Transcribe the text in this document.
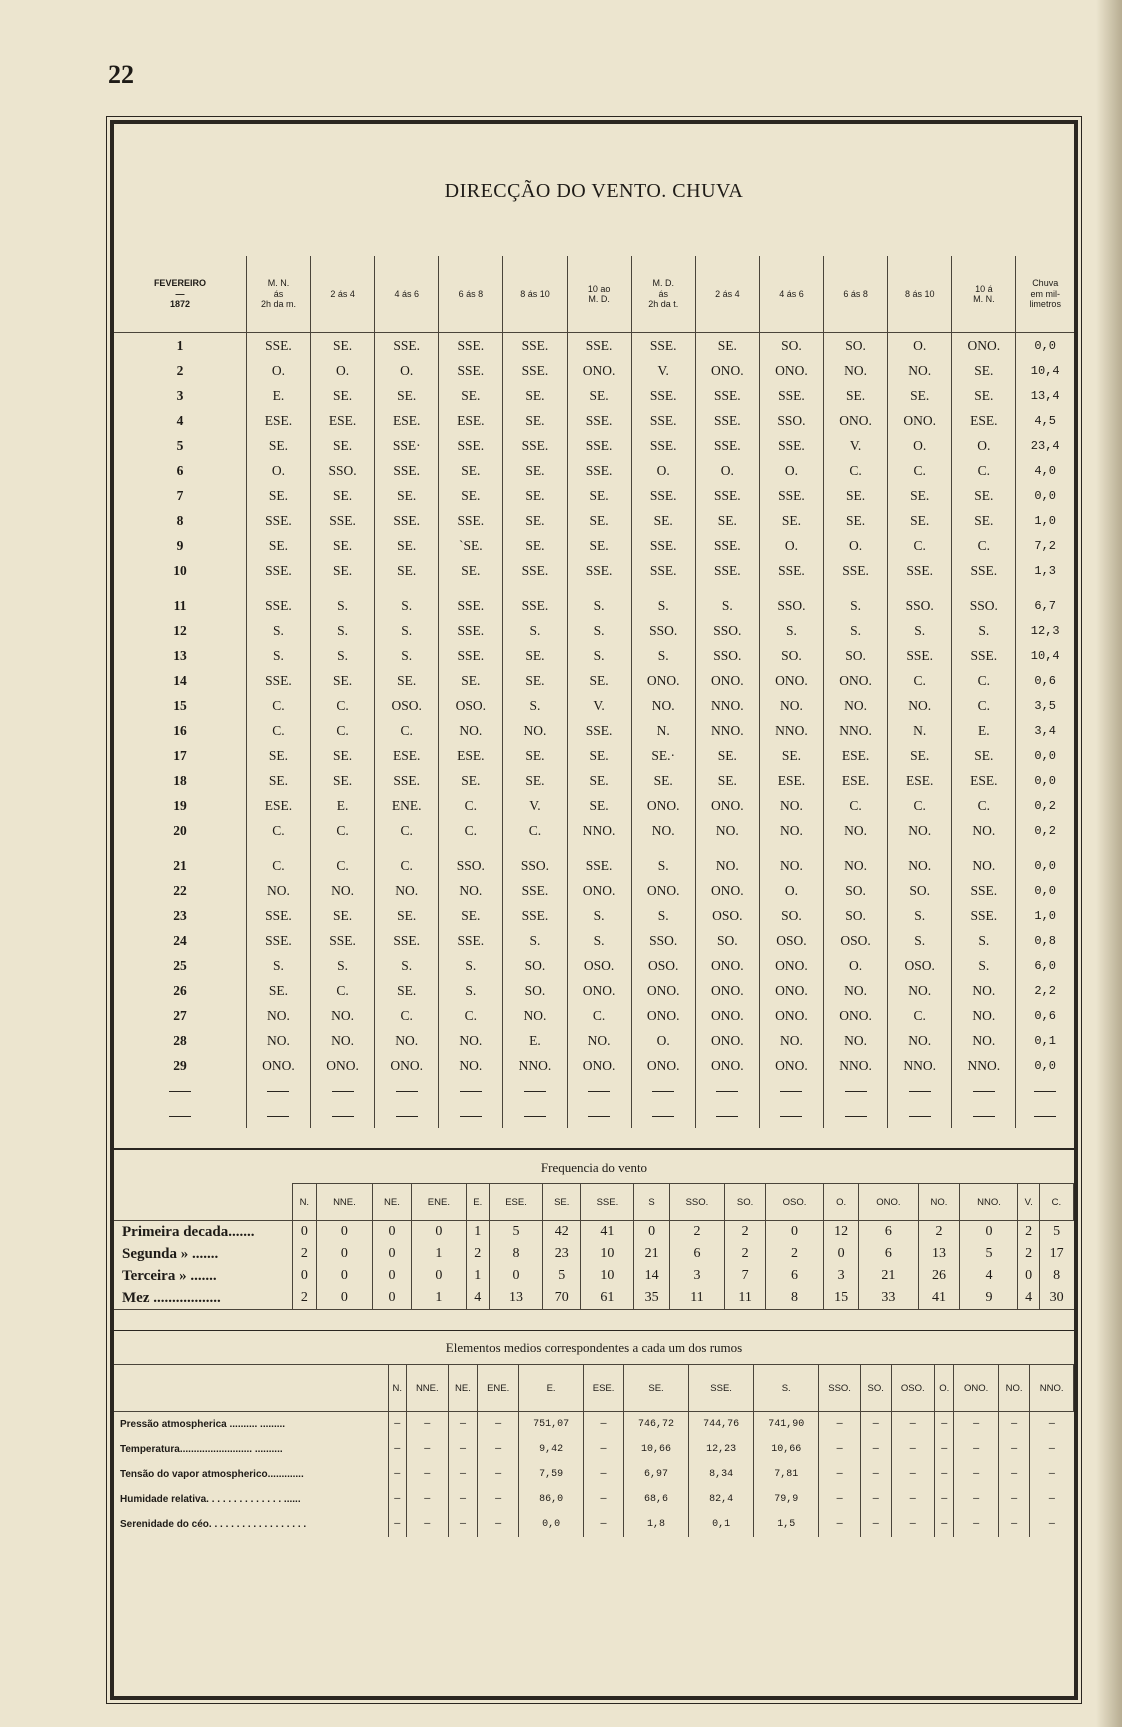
22
DIRECÇÃO DO VENTO. CHUVA
FEVEREIRO
—
1872	M. N.
ás
2h da m.	2 ás 4	4 ás 6	6 ás 8	8 ás 10	10 ao
M. D.	M. D.
ás
2h da t.	2 ás 4	4 ás 6	6 ás 8	8 ás 10	10 á
M. N.	Chuva
em mil-
limetros
1	SSE.	SE.	SSE.	SSE.	SSE.	SSE.	SSE.	SE.	SO.	SO.	O.	ONO.	0,0
2	O.	O.	O.	SSE.	SSE.	ONO.	V.	ONO.	ONO.	NO.	NO.	SE.	10,4
3	E.	SE.	SE.	SE.	SE.	SE.	SSE.	SSE.	SSE.	SE.	SE.	SE.	13,4
4	ESE.	ESE.	ESE.	ESE.	SE.	SSE.	SSE.	SSE.	SSO.	ONO.	ONO.	ESE.	4,5
5	SE.	SE.	SSE·	SSE.	SSE.	SSE.	SSE.	SSE.	SSE.	V.	O.	O.	23,4
6	O.	SSO.	SSE.	SE.	SE.	SSE.	O.	O.	O.	C.	C.	C.	4,0
7	SE.	SE.	SE.	SE.	SE.	SE.	SSE.	SSE.	SSE.	SE.	SE.	SE.	0,0
8	SSE.	SSE.	SSE.	SSE.	SE.	SE.	SE.	SE.	SE.	SE.	SE.	SE.	1,0
9	SE.	SE.	SE.	`SE.	SE.	SE.	SSE.	SSE.	O.	O.	C.	C.	7,2
10	SSE.	SE.	SE.	SE.	SSE.	SSE.	SSE.	SSE.	SSE.	SSE.	SSE.	SSE.	1,3

11	SSE.	S.	S.	SSE.	SSE.	S.	S.	S.	SSO.	S.	SSO.	SSO.	6,7
12	S.	S.	S.	SSE.	S.	S.	SSO.	SSO.	S.	S.	S.	S.	12,3
13	S.	S.	S.	SSE.	SE.	S.	S.	SSO.	SO.	SO.	SSE.	SSE.	10,4
14	SSE.	SE.	SE.	SE.	SE.	SE.	ONO.	ONO.	ONO.	ONO.	C.	C.	0,6
15	C.	C.	OSO.	OSO.	S.	V.	NO.	NNO.	NO.	NO.	NO.	C.	3,5
16	C.	C.	C.	NO.	NO.	SSE.	N.	NNO.	NNO.	NNO.	N.	E.	3,4
17	SE.	SE.	ESE.	ESE.	SE.	SE.	SE.·	SE.	SE.	ESE.	SE.	SE.	0,0
18	SE.	SE.	SSE.	SE.	SE.	SE.	SE.	SE.	ESE.	ESE.	ESE.	ESE.	0,0
19	ESE.	E.	ENE.	C.	V.	SE.	ONO.	ONO.	NO.	C.	C.	C.	0,2
20	C.	C.	C.	C.	C.	NNO.	NO.	NO.	NO.	NO.	NO.	NO.	0,2

21	C.	C.	C.	SSO.	SSO.	SSE.	S.	NO.	NO.	NO.	NO.	NO.	0,0
22	NO.	NO.	NO.	NO.	SSE.	ONO.	ONO.	ONO.	O.	SO.	SO.	SSE.	0,0
23	SSE.	SE.	SE.	SE.	SSE.	S.	S.	OSO.	SO.	SO.	S.	SSE.	1,0
24	SSE.	SSE.	SSE.	SSE.	S.	S.	SSO.	SO.	OSO.	OSO.	S.	S.	0,8
25	S.	S.	S.	S.	SO.	OSO.	OSO.	ONO.	ONO.	O.	OSO.	S.	6,0
26	SE.	C.	SE.	S.	SO.	ONO.	ONO.	ONO.	ONO.	NO.	NO.	NO.	2,2
27	NO.	NO.	C.	C.	NO.	C.	ONO.	ONO.	ONO.	ONO.	C.	NO.	0,6
28	NO.	NO.	NO.	NO.	E.	NO.	O.	ONO.	NO.	NO.	NO.	NO.	0,1
29	ONO.	ONO.	ONO.	NO.	NNO.	ONO.	ONO.	ONO.	ONO.	NNO.	NNO.	NNO.	0,0

Frequencia do vento
	N.	NNE.	NE.	ENE.	E.	ESE.	SE.	SSE.	S	SSO.	SO.	OSO.	O.	ONO.	NO.	NNO.	V.	C.
Primeira decada.......	0	0	0	0	1	5	42	41	0	2	2	0	12	6	2	0	2	5
Segunda » .......	2	0	0	1	2	8	23	10	21	6	2	2	0	6	13	5	2	17
Terceira » .......	0	0	0	0	1	0	5	10	14	3	7	6	3	21	26	4	0	8
Mez ..................	2	0	0	1	4	13	70	61	35	11	11	8	15	33	41	9	4	30
Elementos medios correspondentes a cada um dos rumos
	N.	NNE.	NE.	ENE.	E.	ESE.	SE.	SSE.	S.	SSO.	SO.	OSO.	O.	ONO.	NO.	NNO.
Pressão atmospherica .......... .........	—	—	—	—	751,07	—	746,72	744,76	741,90	—	—	—	—	—	—	—
Temperatura.......................... ..........	—	—	—	—	9,42	—	10,66	12,23	10,66	—	—	—	—	—	—	—
Tensão do vapor atmospherico.............	—	—	—	—	7,59	—	6,97	8,34	7,81	—	—	—	—	—	—	—
Humidade relativa. . . . . . . . . . . . . . ......	—	—	—	—	86,0	—	68,6	82,4	79,9	—	—	—	—	—	—	—
Serenidade do céo. . . . . . . . . . . . . . . . . .	—	—	—	—	0,0	—	1,8	0,1	1,5	—	—	—	—	—	—	—
